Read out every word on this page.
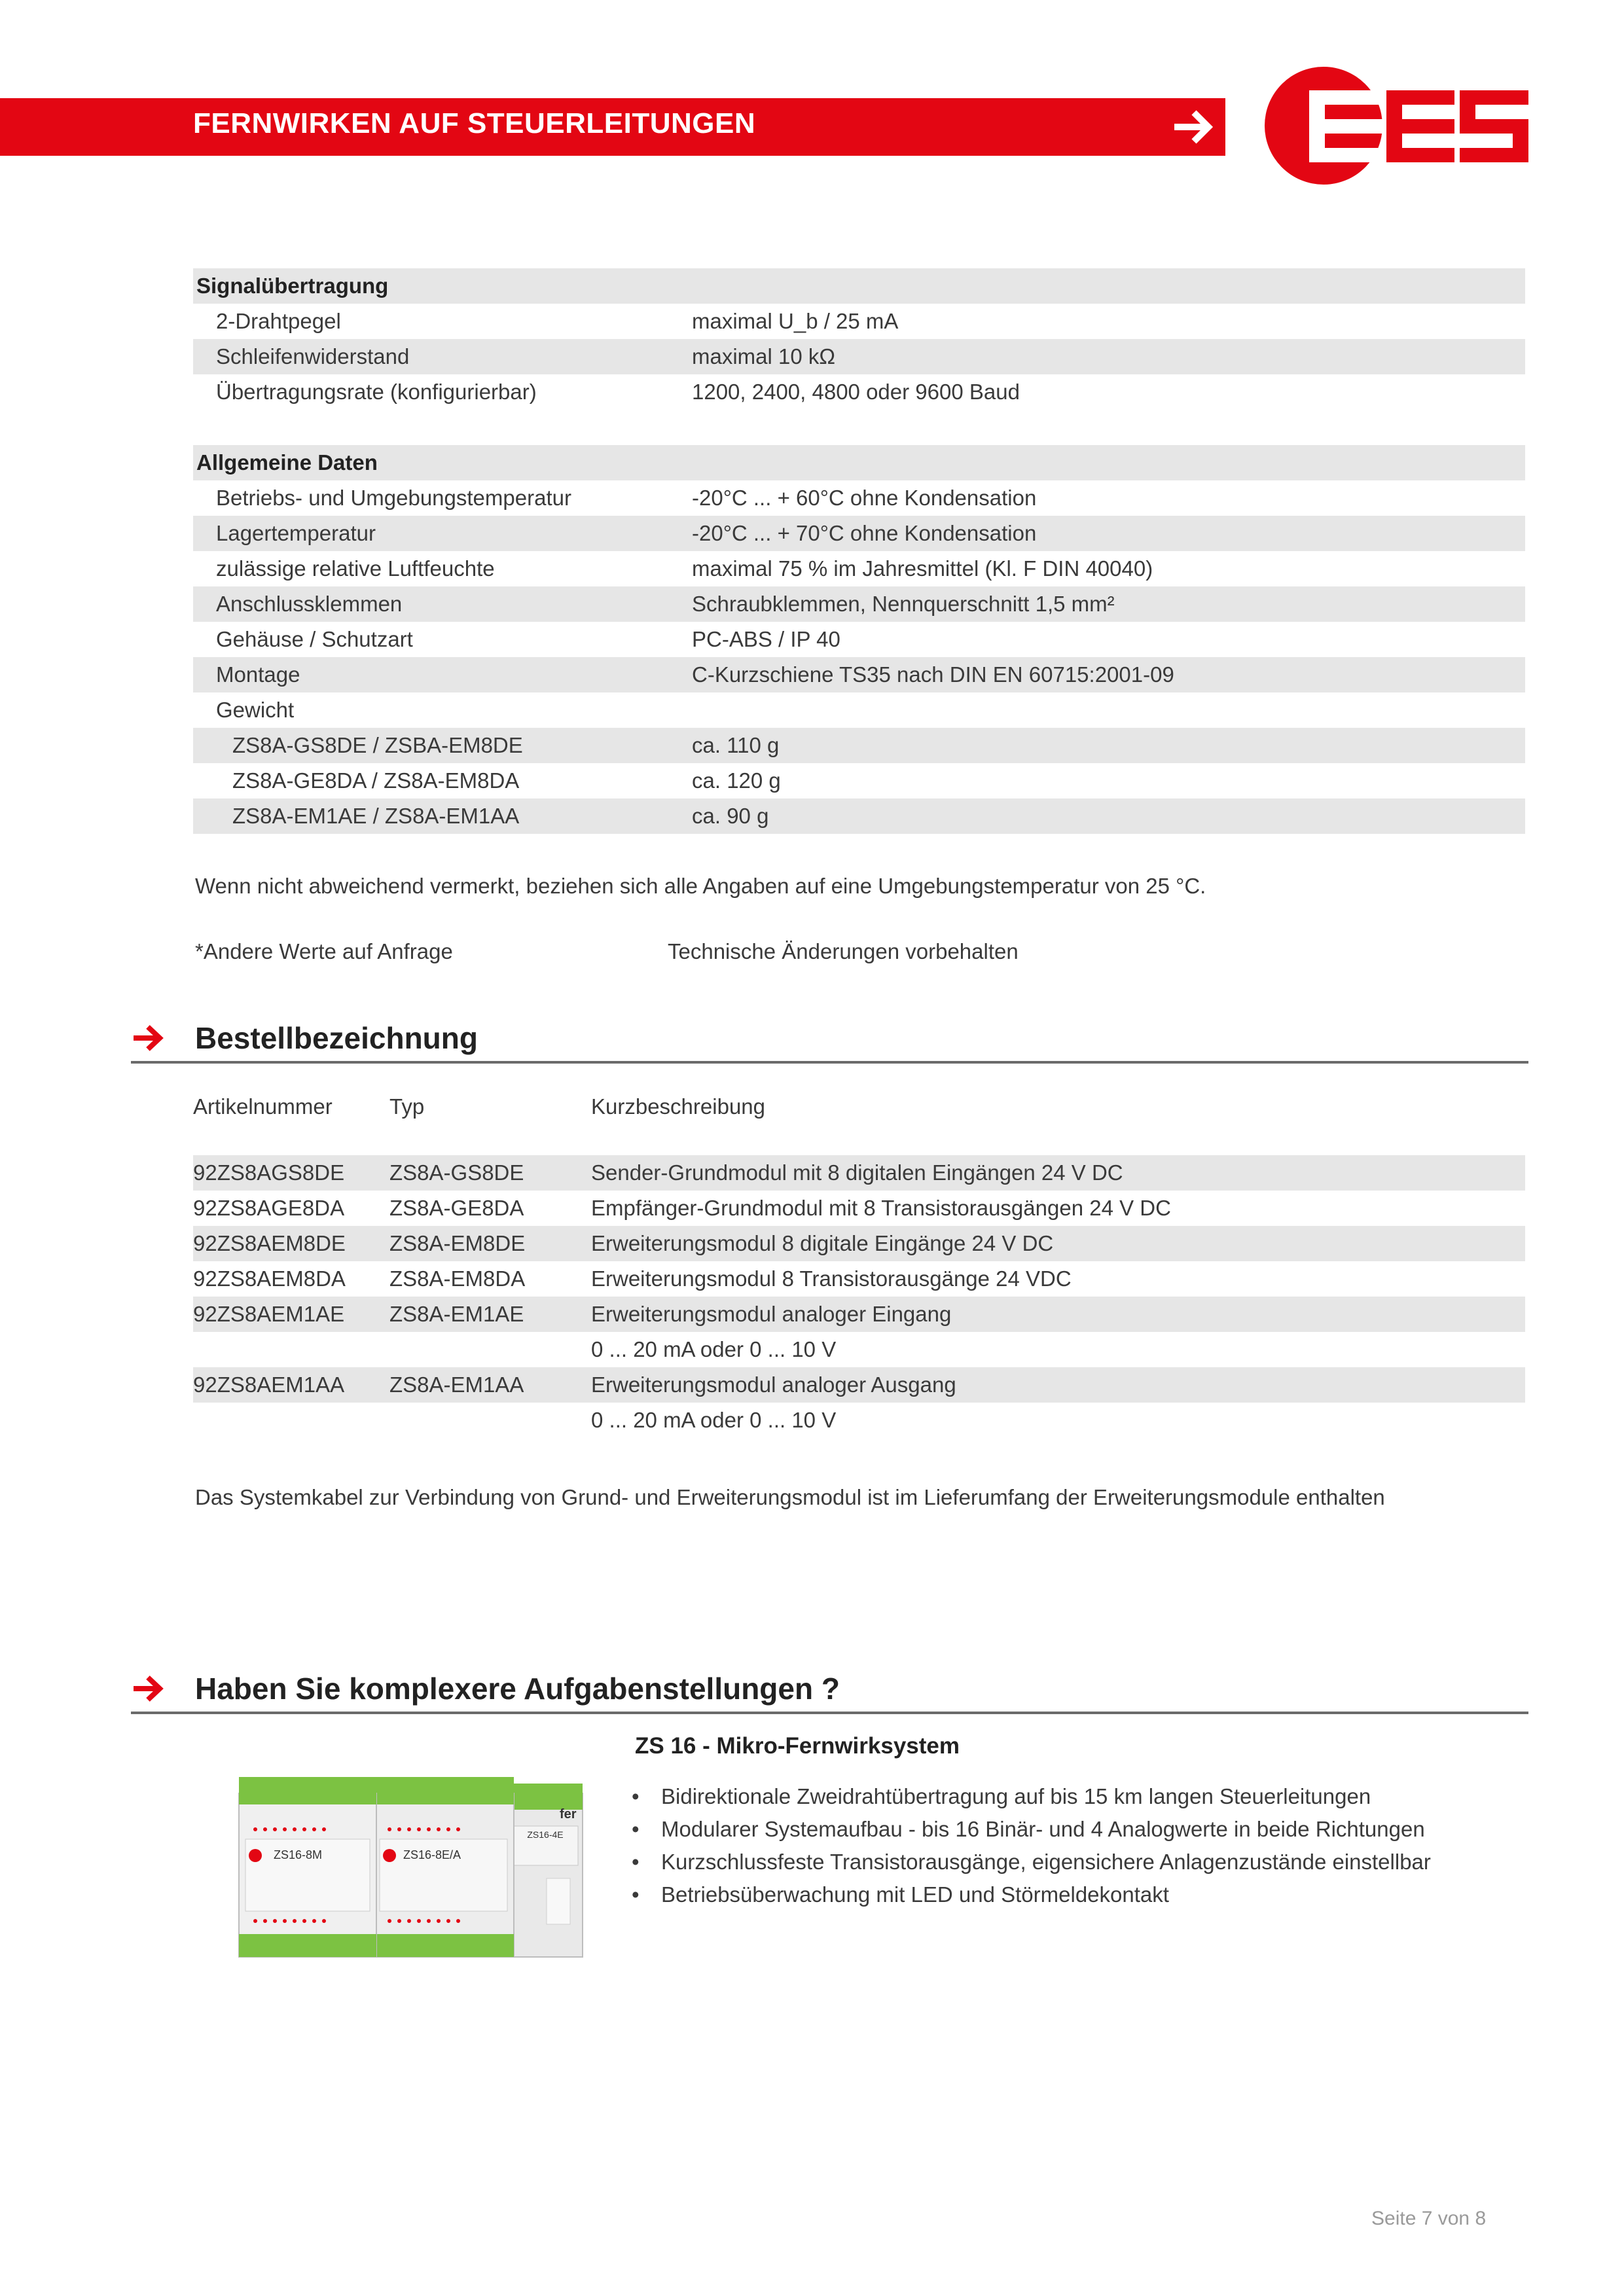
FERNWIRKEN AUF STEUERLEITUNGEN
Signalübertragung
2-Drahtpegel	maximal U_b / 25 mA
Schleifenwiderstand	maximal 10 kΩ
Übertragungsrate (konfigurierbar)	1200, 2400, 4800 oder 9600 Baud
Allgemeine Daten
Betriebs- und Umgebungstemperatur	-20°C ... + 60°C ohne Kondensation
Lagertemperatur	-20°C ... + 70°C ohne Kondensation
zulässige relative Luftfeuchte	maximal 75 % im Jahresmittel (Kl. F DIN 40040)
Anschlussklemmen	Schraubklemmen, Nennquerschnitt 1,5 mm²
Gehäuse / Schutzart	PC-ABS / IP 40
Montage	C-Kurzschiene TS35 nach DIN EN 60715:2001-09
Gewicht
ZS8A-GS8DE / ZSBA-EM8DE	ca. 110 g
ZS8A-GE8DA / ZS8A-EM8DA	ca. 120 g
ZS8A-EM1AE / ZS8A-EM1AA	ca. 90 g
Wenn nicht abweichend vermerkt, beziehen sich alle Angaben auf eine Umgebungstemperatur von 25 °C.
*Andere Werte auf Anfrage	Technische Änderungen vorbehalten
Bestellbezeichnung
Artikelnummer	Typ	Kurzbeschreibung
92ZS8AGS8DE ZS8A-GS8DE	Sender-Grundmodul mit 8 digitalen Eingängen 24 V DC
92ZS8AGE8DA ZS8A-GE8DA	Empfänger-Grundmodul mit 8 Transistorausgängen 24 V DC
92ZS8AEM8DE ZS8A-EM8DE	Erweiterungsmodul 8 digitale Eingänge 24 V DC
92ZS8AEM8DA ZS8A-EM8DA	Erweiterungsmodul 8 Transistorausgänge 24 VDC
92ZS8AEM1AE ZS8A-EM1AE	Erweiterungsmodul analoger Eingang
0 ... 20 mA oder 0 ... 10 V
92ZS8AEM1AA ZS8A-EM1AA	Erweiterungsmodul analoger Ausgang
0 ... 20 mA oder 0 ... 10 V
Das Systemkabel zur Verbindung von Grund- und Erweiterungsmodul ist im Lieferumfang der Erweiterungsmodule enthalten
Haben Sie komplexere Aufgabenstellungen ?
ZS16-4E
fer
ZS16-8E/A
ZS16-8M
ZS 16 - Mikro-Fernwirksystem
• Bidirektionale Zweidrahtübertragung auf bis 15 km langen Steuerleitungen
• Modularer Systemaufbau - bis 16 Binär- und 4 Analogwerte in beide Richtungen
• Kurzschlussfeste Transistorausgänge, eigensichere Anlagenzustände einstellbar
• Betriebsüberwachung mit LED und Störmeldekontakt
Seite 7 von 8
